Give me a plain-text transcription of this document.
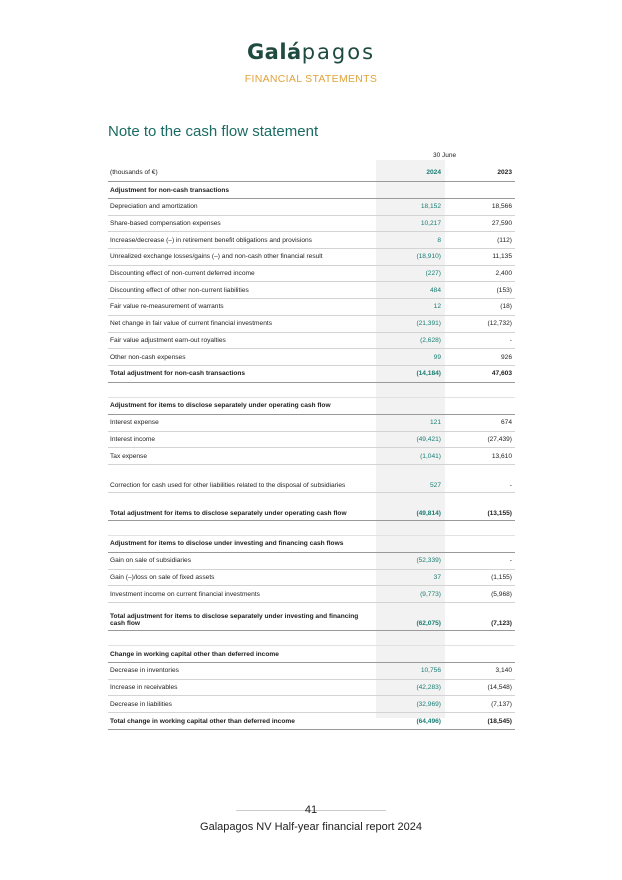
Galápagos
FINANCIAL STATEMENTS
Note to the cash flow statement
30 June
(thousands of €)	2024	2023
Adjustment for non-cash transactions		
Depreciation and amortization	18,152	18,566
Share-based compensation expenses	10,217	27,590
Increase/decrease (–) in retirement benefit obligations and provisions	8	(112)
Unrealized exchange losses/gains (–) and non-cash other financial result	(18,910)	11,135
Discounting effect of non-current deferred income	(227)	2,400
Discounting effect of other non-current liabilities	484	(153)
Fair value re-measurement of warrants	12	(18)
Net change in fair value of current financial investments	(21,391)	(12,732)
Fair value adjustment earn-out royalties	(2,628)	-
Other non-cash expenses	99	926
Total adjustment for non-cash transactions	(14,184)	47,603

Adjustment for items to disclose separately under operating cash flow		
Interest expense	121	674
Interest income	(49,421)	(27,439)
Tax expense	(1,041)	13,610
Correction for cash used for other liabilities related to the disposal of subsidiaries	527	-
Total adjustment for items to disclose separately under operating cash flow	(49,814)	(13,155)

Adjustment for items to disclose under investing and financing cash flows		
Gain on sale of subsidiaries	(52,339)	-
Gain (–)/loss on sale of fixed assets	37	(1,155)
Investment income on current financial investments	(9,773)	(5,968)
Total adjustment for items to disclose separately under investing and financing cash flow	(62,075)	(7,123)

Change in working capital other than deferred income		
Decrease in inventories	10,756	3,140
Increase in receivables	(42,283)	(14,548)
Decrease in liabilities	(32,969)	(7,137)
Total change in working capital other than deferred income	(64,496)	(18,545)
41
Galapagos NV Half-year financial report 2024
